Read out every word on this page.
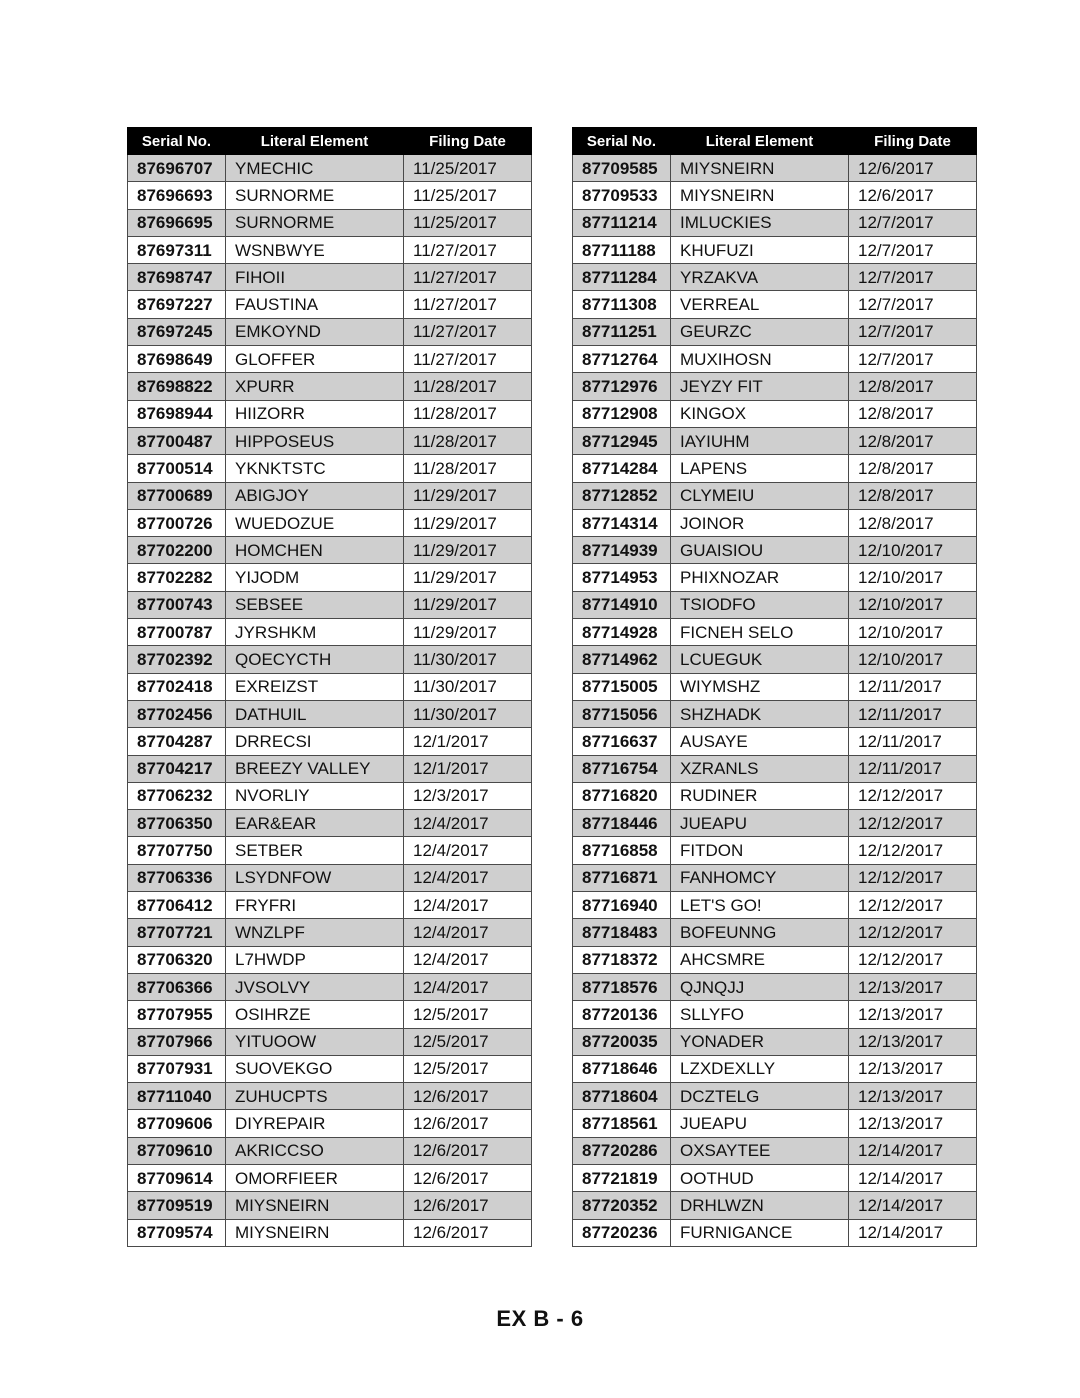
Serial No.	Literal Element	Filing Date
87696707	YMECHIC	11/25/2017
87696693	SURNORME	11/25/2017
87696695	SURNORME	11/25/2017
87697311	WSNBWYE	11/27/2017
87698747	FIHOII	11/27/2017
87697227	FAUSTINA	11/27/2017
87697245	EMKOYND	11/27/2017
87698649	GLOFFER	11/27/2017
87698822	XPURR	11/28/2017
87698944	HIIZORR	11/28/2017
87700487	HIPPOSEUS	11/28/2017
87700514	YKNKTSTC	11/28/2017
87700689	ABIGJOY	11/29/2017
87700726	WUEDOZUE	11/29/2017
87702200	HOMCHEN	11/29/2017
87702282	YIJODM	11/29/2017
87700743	SEBSEE	11/29/2017
87700787	JYRSHKM	11/29/2017
87702392	QOECYCTH	11/30/2017
87702418	EXREIZST	11/30/2017
87702456	DATHUIL	11/30/2017
87704287	DRRECSI	12/1/2017
87704217	BREEZY VALLEY	12/1/2017
87706232	NVORLIY	12/3/2017
87706350	EAR&EAR	12/4/2017
87707750	SETBER	12/4/2017
87706336	LSYDNFOW	12/4/2017
87706412	FRYFRI	12/4/2017
87707721	WNZLPF	12/4/2017
87706320	L7HWDP	12/4/2017
87706366	JVSOLVY	12/4/2017
87707955	OSIHRZE	12/5/2017
87707966	YITUOOW	12/5/2017
87707931	SUOVEKGO	12/5/2017
87711040	ZUHUCPTS	12/6/2017
87709606	DIYREPAIR	12/6/2017
87709610	AKRICCSO	12/6/2017
87709614	OMORFIEER	12/6/2017
87709519	MIYSNEIRN	12/6/2017
87709574	MIYSNEIRN	12/6/2017
Serial No.	Literal Element	Filing Date
87709585	MIYSNEIRN	12/6/2017
87709533	MIYSNEIRN	12/6/2017
87711214	IMLUCKIES	12/7/2017
87711188	KHUFUZI	12/7/2017
87711284	YRZAKVA	12/7/2017
87711308	VERREAL	12/7/2017
87711251	GEURZC	12/7/2017
87712764	MUXIHOSN	12/7/2017
87712976	JEYZY FIT	12/8/2017
87712908	KINGOX	12/8/2017
87712945	IAYIUHM	12/8/2017
87714284	LAPENS	12/8/2017
87712852	CLYMEIU	12/8/2017
87714314	JOINOR	12/8/2017
87714939	GUAISIOU	12/10/2017
87714953	PHIXNOZAR	12/10/2017
87714910	TSIODFO	12/10/2017
87714928	FICNEH SELO	12/10/2017
87714962	LCUEGUK	12/10/2017
87715005	WIYMSHZ	12/11/2017
87715056	SHZHADK	12/11/2017
87716637	AUSAYE	12/11/2017
87716754	XZRANLS	12/11/2017
87716820	RUDINER	12/12/2017
87718446	JUEAPU	12/12/2017
87716858	FITDON	12/12/2017
87716871	FANHOMCY	12/12/2017
87716940	LET'S GO!	12/12/2017
87718483	BOFEUNNG	12/12/2017
87718372	AHCSMRE	12/12/2017
87718576	QJNQJJ	12/13/2017
87720136	SLLYFO	12/13/2017
87720035	YONADER	12/13/2017
87718646	LZXDEXLLY	12/13/2017
87718604	DCZTELG	12/13/2017
87718561	JUEAPU	12/13/2017
87720286	OXSAYTEE	12/14/2017
87721819	OOTHUD	12/14/2017
87720352	DRHLWZN	12/14/2017
87720236	FURNIGANCE	12/14/2017
EX B - 6
